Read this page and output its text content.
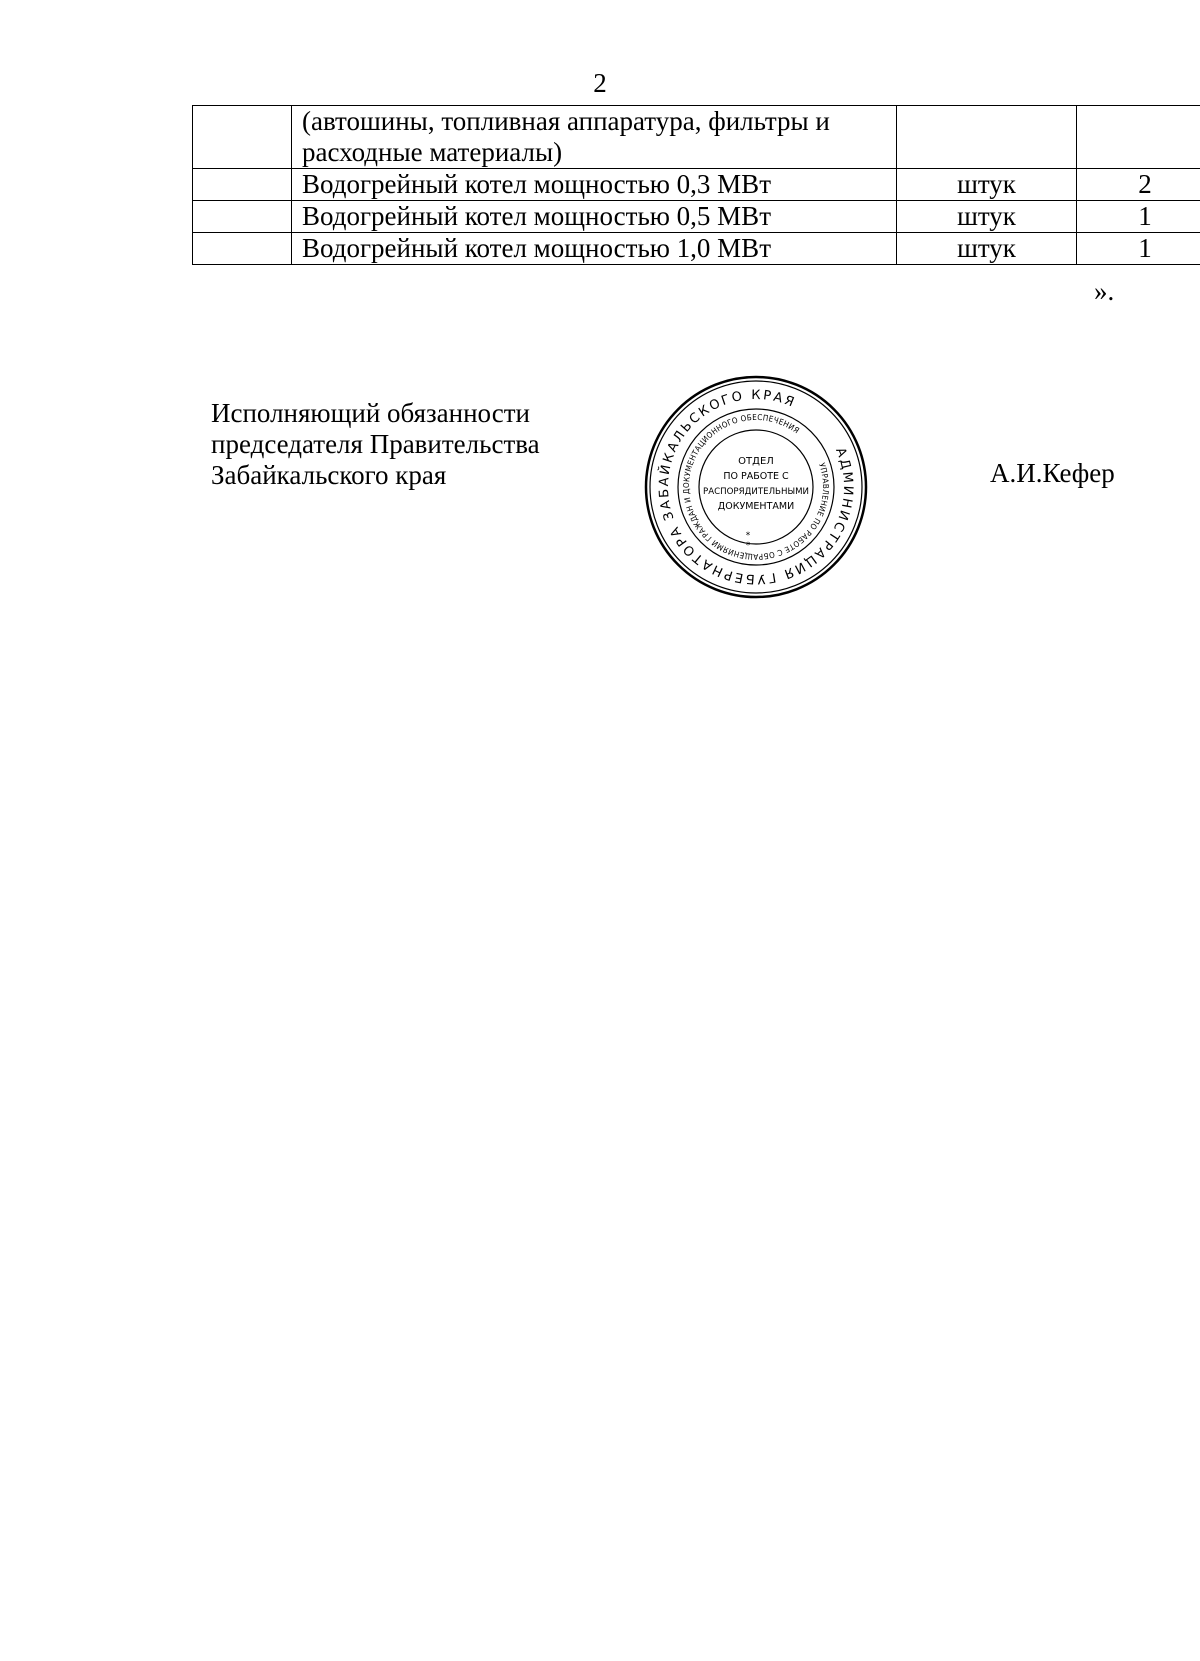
2

	(автошины, топливная аппаратура, фильтры и
расходные материалы)		

	Водогрейный котел мощностью 0,3 МВт	штук	2

	Водогрейный котел мощностью 0,5 МВт	штук	1

	Водогрейный котел мощностью 1,0 МВт	штук	1
».
Исполняющий обязанности
председателя Правительства
Забайкальского края
АДМИНИСТРАЦИЯ ГУБЕРНАТОРА ЗАБАЙКАЛЬСКОГО КРАЯ
УПРАВЛЕНИЕ ПО РАБОТЕ С ОБРАЩЕНИЯМИ ГРАЖДАН И ДОКУМЕНТАЦИОННОГО ОБЕСПЕЧЕНИЯ
ОТДЕЛ
ПО РАБОТЕ С
РАСПОРЯДИТЕЛЬНЫМИ
ДОКУМЕНТАМИ
*
*
А.И.Кефер
